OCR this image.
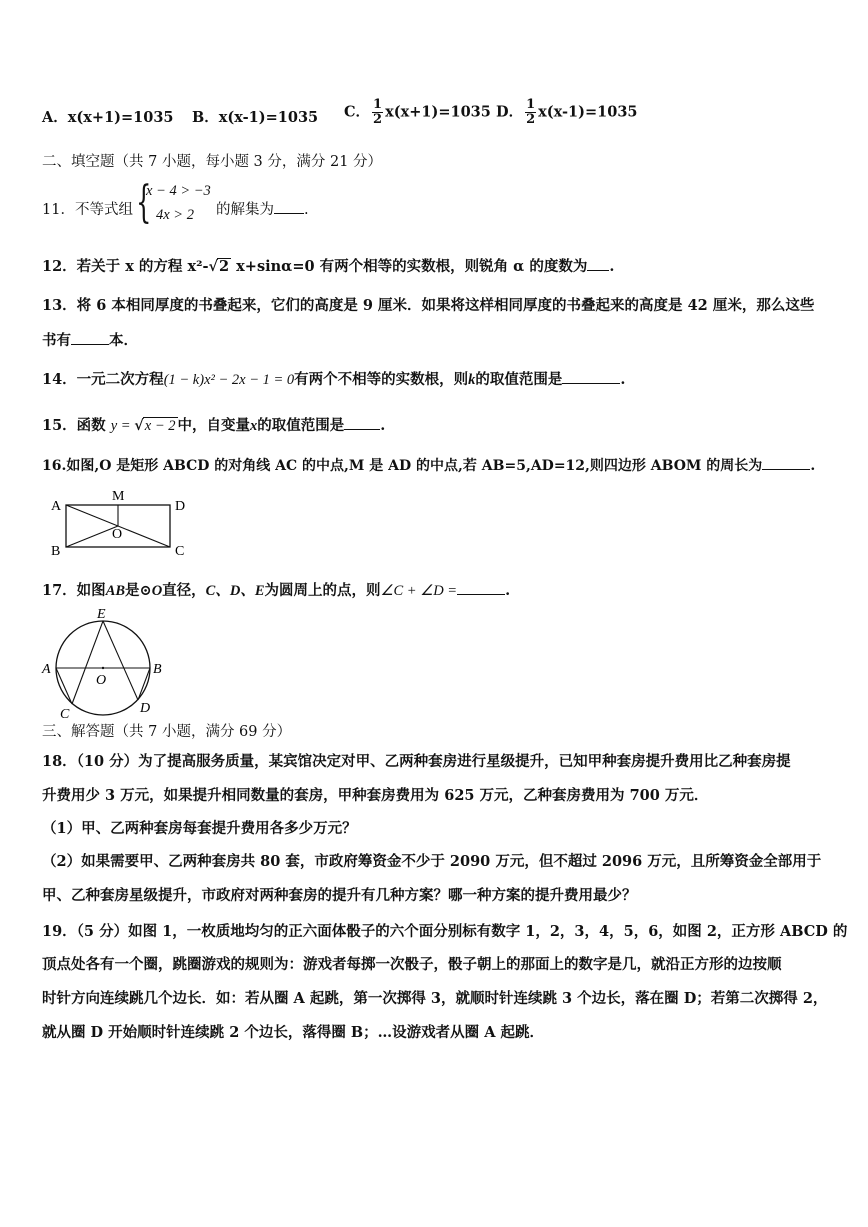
A．x(x+1)=1035 B．x(x-1)=1035 C． $\frac{1}{2} x(x+1)=1035$ D． $\frac{1}{2} x(x-1)=1035$
二、填空题（共 7 小题，每小题 3 分，满分 21 分）
11．不等式组 {
x − 4 > −3
4x > 2 的解集为 .
12．若关于 x 的方程 x²-√2 x+sinα=0 有两个相等的实数根，则锐角 α 的度数为 .
13．将 6 本相同厚度的书叠起来，它们的高度是 9 厘米．如果将这样相同厚度的书叠起来的高度是 42 厘米，那么这些
书有	本．
14．一元二次方程(1 − k)x² − 2x − 1 = 0有两个不相等的实数根，则k的取值范围是	.
15．函数 y = √x − 2 中，自变量x的取值范围是 .
16.如图,O 是矩形 ABCD 的对角线 AC 的中点,M 是 AD 的中点,若 AB=5,AD=12,则四边形 ABOM 的周长为	.
A
M
D
O
B	C
17．如图AB是⊙O直径，C、D、E为圆周上的点，则∠C + ∠D =	.
E
A	B
O
C	D
三、解答题（共 7 小题，满分 69 分）
18．（10 分）为了提高服务质量，某宾馆决定对甲、乙两种套房进行星级提升，已知甲种套房提升费用比乙种套房提
升费用少 3 万元，如果提升相同数量的套房，甲种套房费用为 625 万元，乙种套房费用为 700 万元．
（1）甲、乙两种套房每套提升费用各多少万元？
（2）如果需要甲、乙两种套房共 80 套，市政府筹资金不少于 2090 万元，但不超过 2096 万元，且所筹资金全部用于
甲、乙种套房星级提升，市政府对两种套房的提升有几种方案？哪一种方案的提升费用最少？
19．（5 分）如图 1，一枚质地均匀的正六面体骰子的六个面分别标有数字 1，2，3，4，5，6，如图 2，正方形 ABCD 的
顶点处各有一个圈，跳圈游戏的规则为：游戏者每掷一次骰子，骰子朝上的那面上的数字是几，就沿正方形的边按顺
时针方向连续跳几个边长．如：若从圈 A 起跳，第一次掷得 3，就顺时针连续跳 3 个边长，落在圈 D；若第二次掷得 2，
就从圈 D 开始顺时针连续跳 2 个边长，落得圈 B；…设游戏者从圈 A 起跳．
